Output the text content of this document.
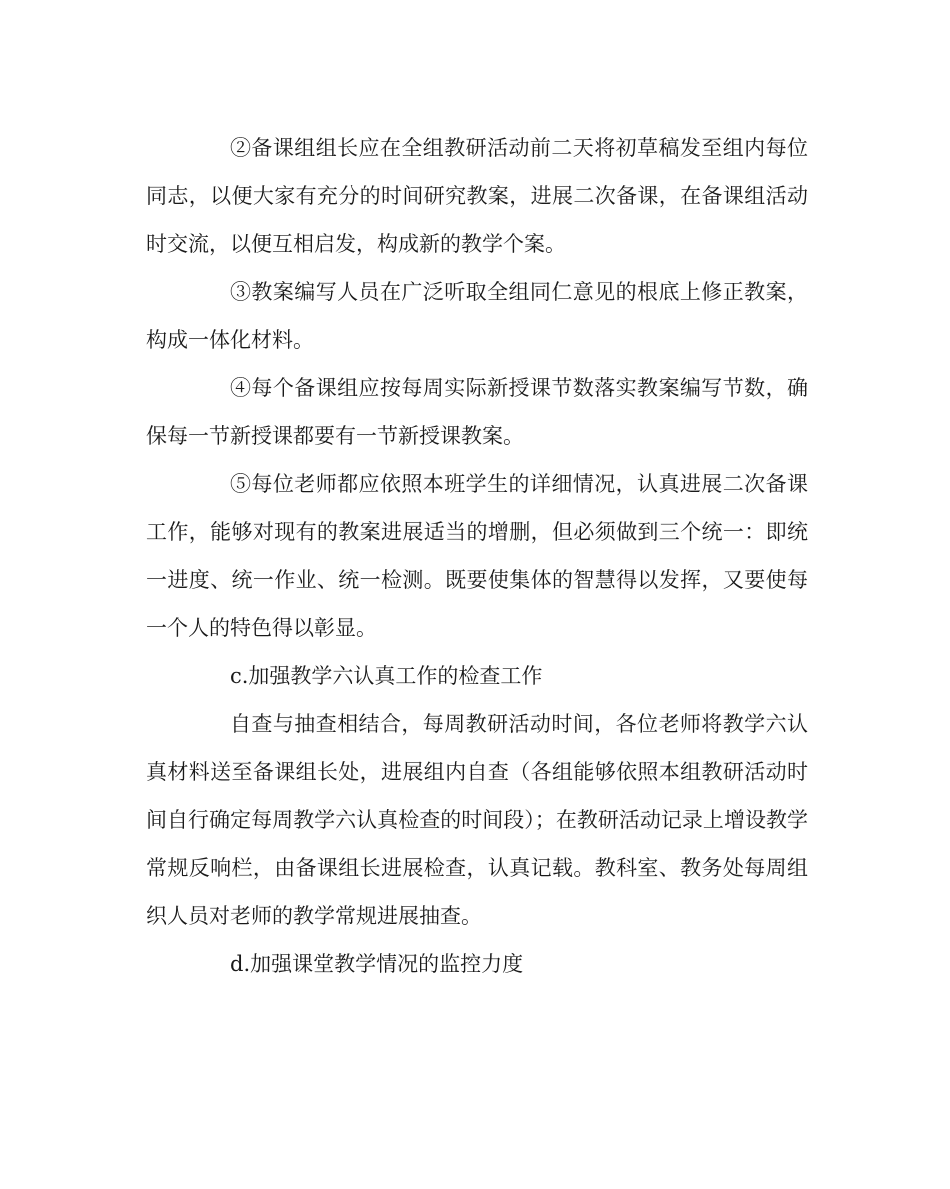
②备课组组长应在全组教研活动前二天将初草稿发至组内每位同志，以便大家有充分的时间研究教案，进展二次备课，在备课组活动时交流，以便互相启发，构成新的教学个案。

③教案编写人员在广泛听取全组同仁意见的根底上修正教案，构成一体化材料。

④每个备课组应按每周实际新授课节数落实教案编写节数，确保每一节新授课都要有一节新授课教案。

⑤每位老师都应依照本班学生的详细情况，认真进展二次备课工作，能够对现有的教案进展适当的增删，但必须做到三个统一：即统一进度、统一作业、统一检测。既要使集体的智慧得以发挥，又要使每一个人的特色得以彰显。

c.加强教学六认真工作的检查工作

自查与抽查相结合，每周教研活动时间，各位老师将教学六认真材料送至备课组长处，进展组内自查（各组能够依照本组教研活动时间自行确定每周教学六认真检查的时间段）；在教研活动记录上增设教学常规反响栏，由备课组长进展检查，认真记载。教科室、教务处每周组织人员对老师的教学常规进展抽查。

d.加强课堂教学情况的监控力度
